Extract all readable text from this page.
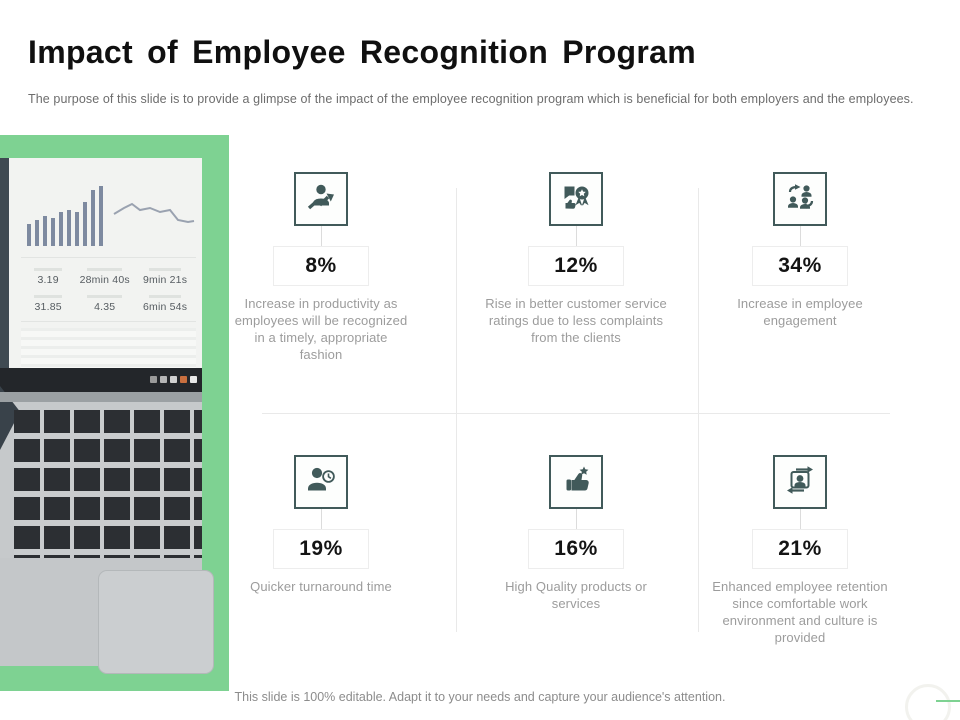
Impact of Employee Recognition Program
The purpose of this slide is to provide a glimpse of the impact of the employee recognition program which is beneficial for both employers and the employees.
3.19	28min 40s	9min 21s
31.85	4.35	6min 54s
8%
Increase in productivity as employees will be recognized in a timely, appropriate fashion
12%
Rise in better customer service ratings due to less complaints from the clients
34%
Increase in employee engagement
19%
Quicker turnaround time
16%
High Quality products or services
21%
Enhanced employee retention since comfortable work environment and culture is provided
This slide is 100% editable. Adapt it to your needs and capture your audience's attention.
